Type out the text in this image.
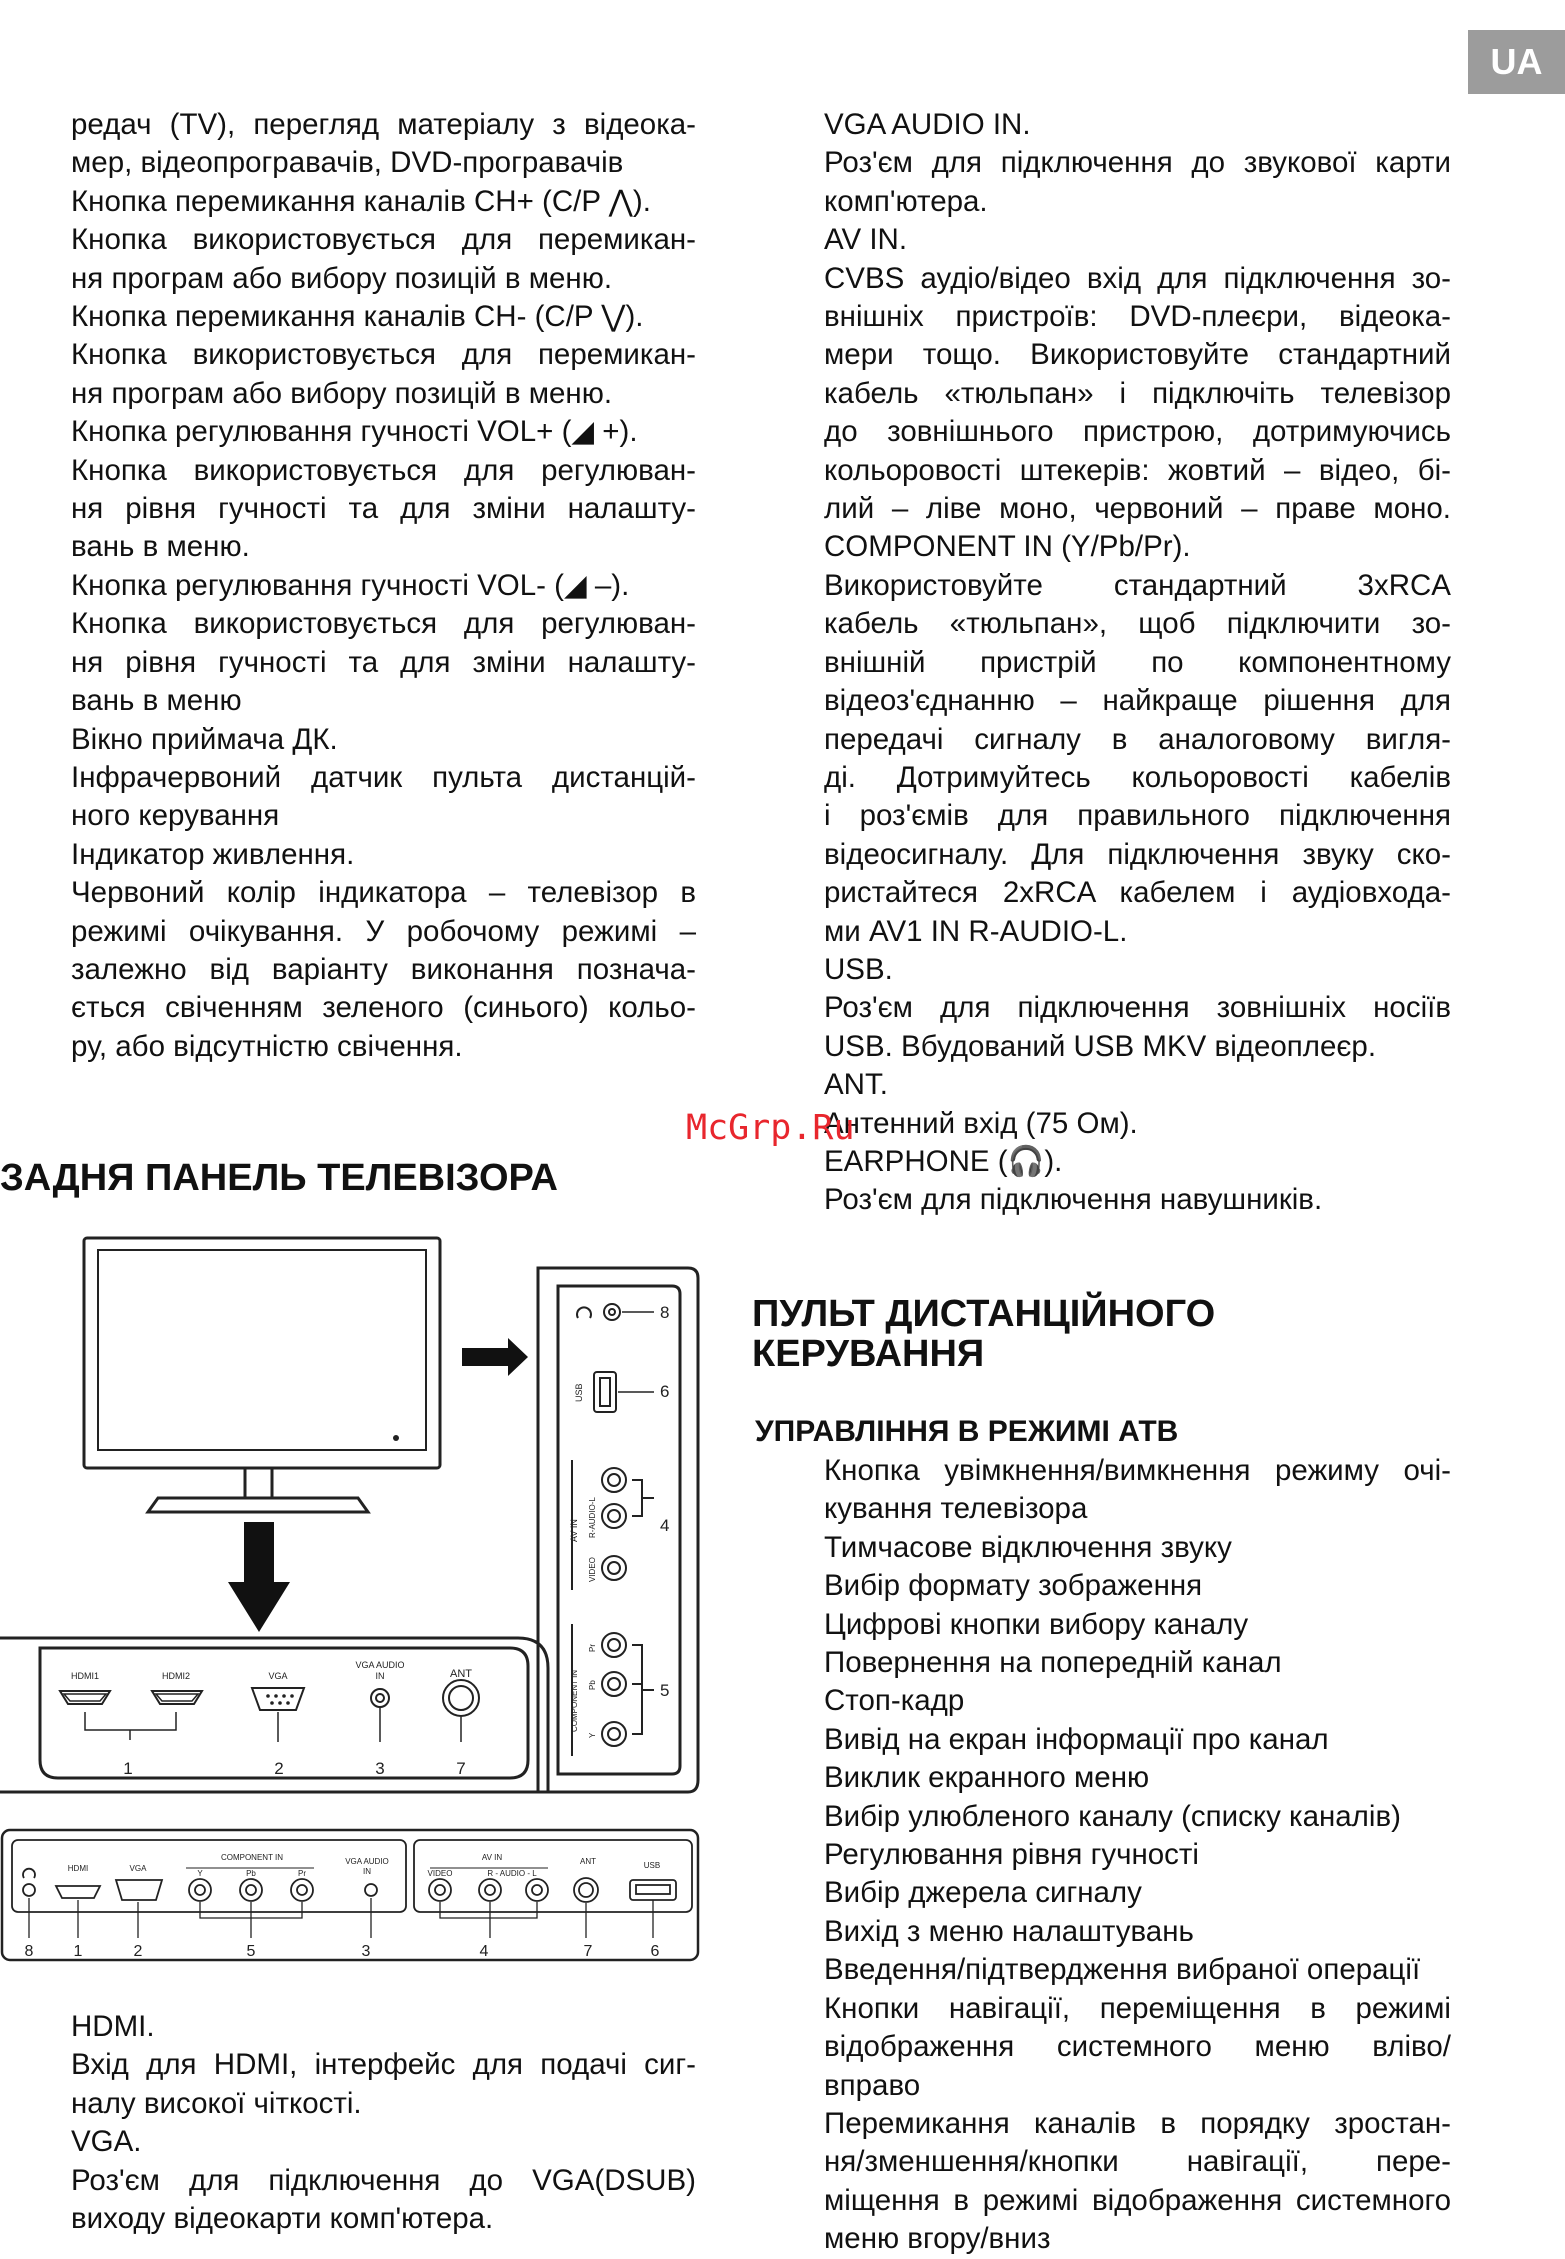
UA

редач (TV), перегляд матеріалу з відеока-

мер, відеопрогравачів, DVD-програвачів

Кнопка перемикання каналів CH+ (C/P ⋀).

Кнопка використовується для перемикан-

ня програм або вибору позицій в меню.

Кнопка перемикання каналів CH- (C/P ⋁).

Кнопка використовується для перемикан-

ня програм або вибору позицій в меню.

Кнопка регулювання гучності VOL+ (◢ +).

Кнопка використовується для регулюван-

ня рівня гучності та для зміни налашту-

вань в меню.

Кнопка регулювання гучності VOL- (◢ –).

Кнопка використовується для регулюван-

ня рівня гучності та для зміни налашту-

вань в меню

Вікно приймача ДК.

Інфрачервоний датчик пульта дистанцій-

ного керування

Індикатор живлення.

Червоний колір індикатора – телевізор в

режимі очікування. У робочому режимі –

залежно від варіанту виконання познача-

ється свіченням зеленого (синього) кольо-

ру, або відсутністю свічення.

VGA AUDIO IN.

Роз'єм для підключення до звукової карти

комп'ютера.

AV IN.

CVBS аудіо/відео вхід для підключення зо-

внішніх пристроїв: DVD-плеєри, відеока-

мери тощо. Використовуйте стандартний

кабель «тюльпан» і підключіть телевізор

до зовнішнього пристрою, дотримуючись

кольоровості штекерів: жовтий – відео, бі-

лий – ліве моно, червоний – праве моно.

COMPONENT IN (Y/Pb/Pr).

Використовуйте стандартний 3xRCA

кабель «тюльпан», щоб підключити зо-

внішній пристрій по компонентному

відеоз'єднанню – найкраще рішення для

передачі сигналу в аналоговому вигля-

ді. Дотримуйтесь кольоровості кабелів

і роз'ємів для правильного підключення

відеосигналу. Для підключення звуку ско-

ристайтеся 2xRCA кабелем і аудіовхода-

ми AV1 IN R-AUDIO-L.

USB.

Роз'єм для підключення зовнішніх носіїв

USB. Вбудований USB MKV відеоплеєр.

ANT.

Антенний вхід (75 Ом).

EARPHONE (🎧).

Роз'єм для підключення навушників.

McGrp.Ru
ЗАДНЯ ПАНЕЛЬ ТЕЛЕВІЗОРА
ПУЛЬТ ДИСТАНЦІЙНОГО КЕРУВАННЯ
УПРАВЛІННЯ В РЕЖИМІ АТВ

Кнопка увімкнення/вимкнення режиму очі-

кування телевізора

Тимчасове відключення звуку

Вибір формату зображення

Цифрові кнопки вибору каналу

Повернення на попередній канал

Стоп-кадр

Вивід на екран інформації про канал

Виклик екранного меню

Вибір улюбленого каналу (списку каналів)

Регулювання рівня гучності

Вибір джерела сигналу

Вихід з меню налаштувань

Введення/підтвердження вибраної операції

Кнопки навігації, переміщення в режимі

відображення системного меню вліво/

вправо

Перемикання каналів в порядку зростан-

ня/зменшення/кнопки навігації, пере-

міщення в режимі відображення системного

меню вгору/вниз

HDMI.

Вхід для HDMI, інтерфейс для подачі сиг-

налу високої чіткості.

VGA.

Роз'єм для підключення до VGA(DSUB)

виходу відеокарти комп'ютера.

HDMI1	HDMI2	VGA
VGA AUDIO
IN	ANT
1	2	3	7
USB
AV IN R-AUDIO-L
VIDEO
COMPONENT IN
Pr
Pb
Y
8
6
4
5
HDMI	VGA
COMPONENT IN
Y	Pb	Pr
VGA AUDIO
IN
AV IN
VIDEO	R - AUDIO - L
ANT	USB
8	1	2	5	3	4	7	6
